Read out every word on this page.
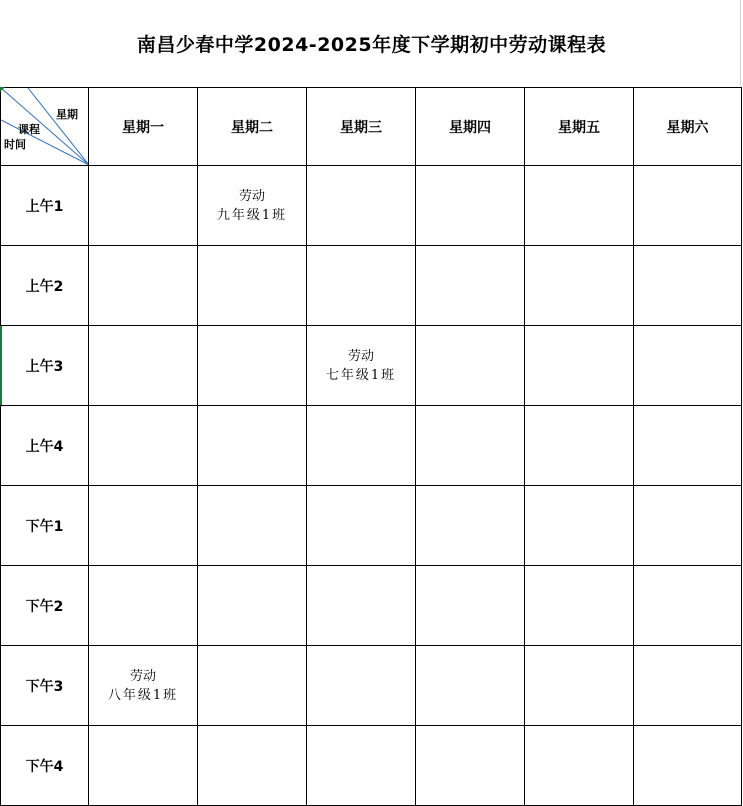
南昌少春中学2024-2025年度下学期初中劳动课程表
星期
课程
时间	星期一	星期二	星期三	星期四	星期五	星期六
上午1		劳动
九年级1班				

上午2						
上午3			劳动
七年级1班			

上午4						
下午1						
下午2						
下午3	劳动
八年级1班					

下午4						
